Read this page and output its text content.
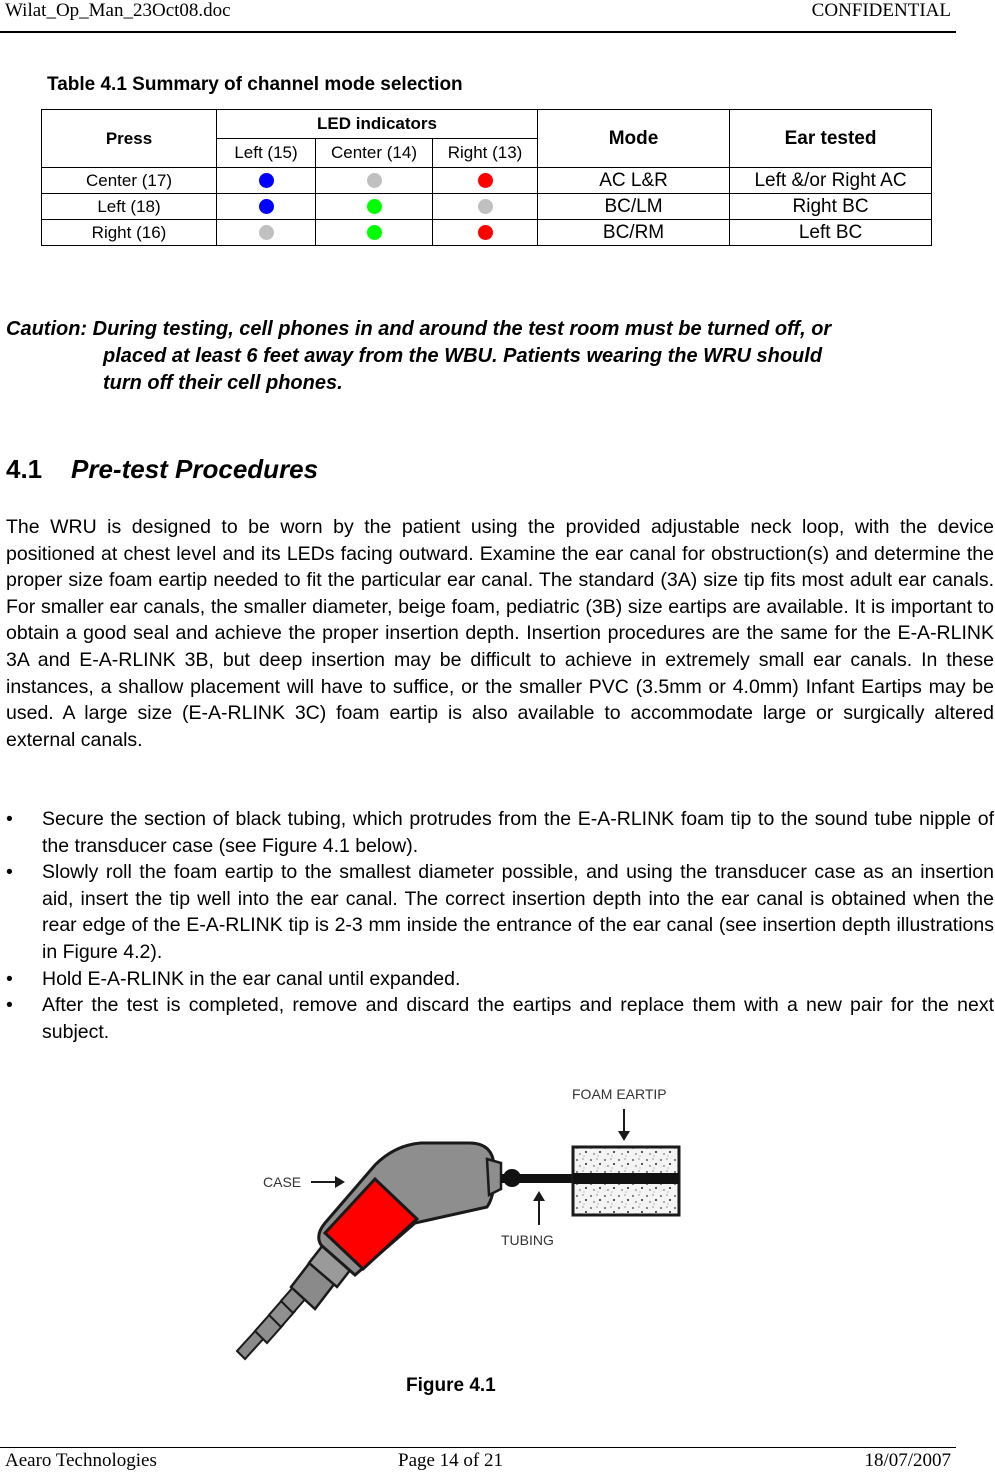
Wilat_Op_Man_23Oct08.doc	CONFIDENTIAL
Table 4.1 Summary of channel mode selection
Press	LED indicators			Mode	Ear tested
	Left (15)	Center (14)	Right (13)		
Center (17)				AC L&R	Left &/or Right AC
Left (18)				BC/LM	Right BC
Right (16)				BC/RM	Left BC
Caution: During testing, cell phones in and around the test room must be turned off, or
placed at least 6 feet away from the WBU. Patients wearing the WRU should
turn off their cell phones.
4.1 Pre-test Procedures

The WRU is designed to be worn by the patient using the provided adjustable neck loop, with the device positioned at chest level and its LEDs facing outward. Examine the ear canal for obstruction(s) and determine the proper size foam eartip needed to fit the particular ear canal. The standard (3A) size tip fits most adult ear canals. For smaller ear canals, the smaller diameter, beige foam, pediatric (3B) size eartips are available. It is important to obtain a good seal and achieve the proper insertion depth. Insertion procedures are the same for the E-A-RLINK 3A and E-A-RLINK 3B, but deep insertion may be difficult to achieve in extremely small ear canals. In these instances, a shallow placement will have to suffice, or the smaller PVC (3.5mm or 4.0mm) Infant Eartips may be used. A large size (E-A-RLINK 3C) foam eartip is also available to accommodate large or surgically altered external canals.

• Secure the section of black tubing, which protrudes from the E-A-RLINK foam tip to the sound tube nipple of the transducer case (see Figure 4.1 below).
• Slowly roll the foam eartip to the smallest diameter possible, and using the transducer case as an insertion aid, insert the tip well into the ear canal. The correct insertion depth into the ear canal is obtained when the rear edge of the E-A-RLINK tip is 2-3 mm inside the entrance of the ear canal (see insertion depth illustrations in Figure 4.2).
• Hold E-A-RLINK in the ear canal until expanded.
• After the test is completed, remove and discard the eartips and replace them with a new pair for the next subject.
FOAM EARTIP
CASE
TUBING
Figure 4.1
Aearo Technologies	Page 14 of 21	18/07/2007
